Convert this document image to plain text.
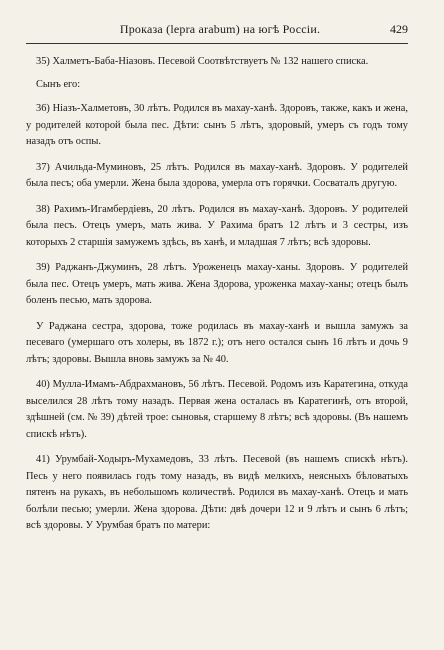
Проказа (lepra arabum) на югѣ Россіи.	429

35) Халметъ-Баба-Ніазовъ. Песевой Соотвѣтствуетъ № 132 нашего списка.

Сынъ его:

36) Ніазъ-Халметовъ, 30 лѣтъ. Родился въ махау-ханѣ. Здоровъ, также, какъ и жена, у родителей которой была пес. Дѣти: сынъ 5 лѣтъ, здоровый, умеръ съ годъ тому назадъ отъ оспы.

37) Ачильда-Муминовъ, 25 лѣтъ. Родился въ махау-ханѣ. Здоровъ. У родителей была песъ; оба умерли. Жена была здорова, умерла отъ горячки. Сосваталъ другую.

38) Рахимъ-Игамбердіевъ, 20 лѣтъ. Родился въ махау-ханѣ. Здоровъ. У родителей была песъ. Отецъ умеръ, мать жива. У Рахима братъ 12 лѣтъ и 3 сестры, изъ которыхъ 2 старшія замужемъ здѣсь, въ ханѣ, и младшая 7 лѣтъ; всѣ здоровы.

39) Раджанъ-Джуминъ, 28 лѣтъ. Уроженецъ махау-ханы. Здоровъ. У родителей была пес. Отецъ умеръ, мать жива. Жена Здорова, уроженка махау-ханы; отецъ былъ боленъ песью, мать здорова.

У Раджана сестра, здорова, тоже родилась въ махау-ханѣ и вышла замужъ за песеваго (умершаго отъ холеры, въ 1872 г.); отъ него остался сынъ 16 лѣтъ и дочь 9 лѣтъ; здоровы. Вышла вновь замужъ за № 40.

40) Мулла-Имамъ-Абдрахмановъ, 56 лѣтъ. Песевой. Родомъ изъ Каратегина, откуда выселился 28 лѣтъ тому назадъ. Первая жена осталась въ Каратегинѣ, отъ второй, здѣшней (см. № 39) дѣтей трое: сыновья, старшему 8 лѣтъ; всѣ здоровы. (Въ нашемъ спискѣ нѣтъ).

41) Урумбай-Ходыръ-Мухамедовъ, 33 лѣтъ. Песевой (въ нашемъ спискѣ нѣтъ). Песь у него появилась годъ тому назадъ, въ видѣ мелкихъ, неясныхъ бѣловатыхъ пятенъ на рукахъ, въ небольшомъ количествѣ. Родился въ махау-ханѣ. Отецъ и мать болѣли песью; умерли. Жена здорова. Дѣти: двѣ дочери 12 и 9 лѣтъ и сынъ 6 лѣтъ; всѣ здоровы. У Урумбая братъ по матери:
